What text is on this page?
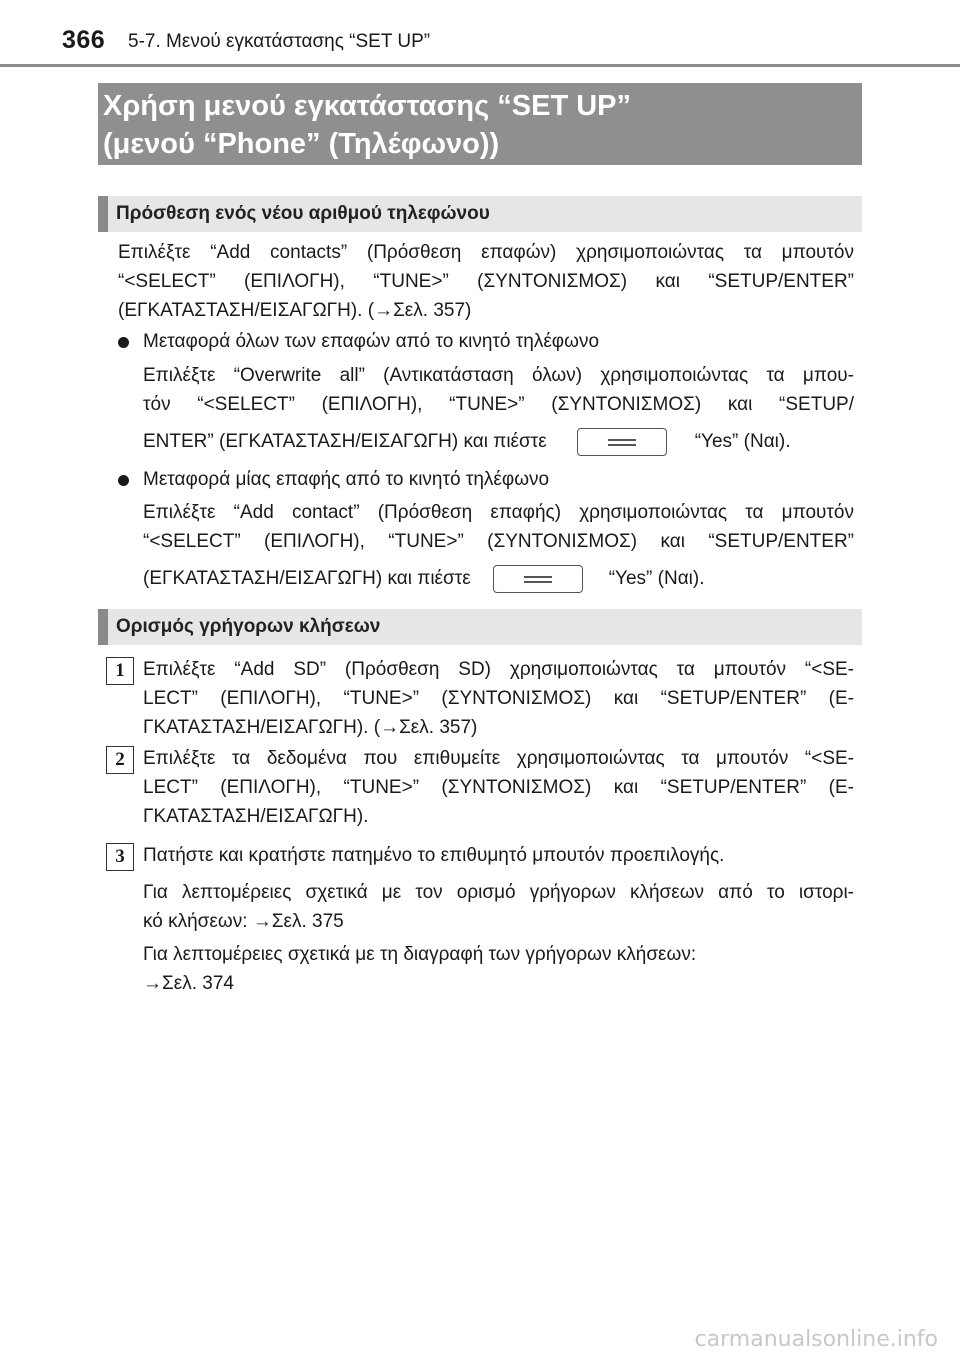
366 5-7. Μενού εγκατάστασης “SET UP”
Χρήση μενού εγκατάστασης “SET UP”
(μενού “Phone” (Τηλέφωνο))
Πρόσθεση ενός νέου αριθμού τηλεφώνου
Επιλέξτε “Add contacts” (Πρόσθεση επαφών) χρησιμοποιώντας τα μπουτόν
“<SELECT” (ΕΠΙΛΟΓΗ), “TUNE>” (ΣΥΝΤΟΝΙΣΜΟΣ) και “SETUP/ENTER”
(ΕΓΚΑΤΑΣΤΑΣΗ/ΕΙΣΑΓΩΓΗ). (→Σελ. 357)
Μεταφορά όλων των επαφών από το κινητό τηλέφωνο
Επιλέξτε “Overwrite all” (Αντικατάσταση όλων) χρησιμοποιώντας τα μπου-
τόν “<SELECT” (ΕΠΙΛΟΓΗ), “TUNE>” (ΣΥΝΤΟΝΙΣΜΟΣ) και “SETUP/
ENTER” (ΕΓΚΑΤΑΣΤΑΣΗ/ΕΙΣΑΓΩΓΗ) και πιέστε	“Yes” (Ναι).
Μεταφορά μίας επαφής από το κινητό τηλέφωνο
Επιλέξτε “Add contact” (Πρόσθεση επαφής) χρησιμοποιώντας τα μπουτόν
“<SELECT” (ΕΠΙΛΟΓΗ), “TUNE>” (ΣΥΝΤΟΝΙΣΜΟΣ) και “SETUP/ENTER”
(ΕΓΚΑΤΑΣΤΑΣΗ/ΕΙΣΑΓΩΓΗ) και πιέστε	“Yes” (Ναι).
Ορισμός γρήγορων κλήσεων
1 Επιλέξτε “Add SD” (Πρόσθεση SD) χρησιμοποιώντας τα μπουτόν “<SE-
LECT” (ΕΠΙΛΟΓΗ), “TUNE>” (ΣΥΝΤΟΝΙΣΜΟΣ) και “SETUP/ENTER” (Ε-
ΓΚΑΤΑΣΤΑΣΗ/ΕΙΣΑΓΩΓΗ). (→Σελ. 357)
2 Επιλέξτε τα δεδομένα που επιθυμείτε χρησιμοποιώντας τα μπουτόν “<SE-
LECT” (ΕΠΙΛΟΓΗ), “TUNE>” (ΣΥΝΤΟΝΙΣΜΟΣ) και “SETUP/ENTER” (Ε-
ΓΚΑΤΑΣΤΑΣΗ/ΕΙΣΑΓΩΓΗ).
3 Πατήστε και κρατήστε πατημένο το επιθυμητό μπουτόν προεπιλογής.
Για λεπτομέρειες σχετικά με τον ορισμό γρήγορων κλήσεων από το ιστορι-
κό κλήσεων: →Σελ. 375
Για λεπτομέρειες σχετικά με τη διαγραφή των γρήγορων κλήσεων:
→Σελ. 374
carmanualsonline.info
